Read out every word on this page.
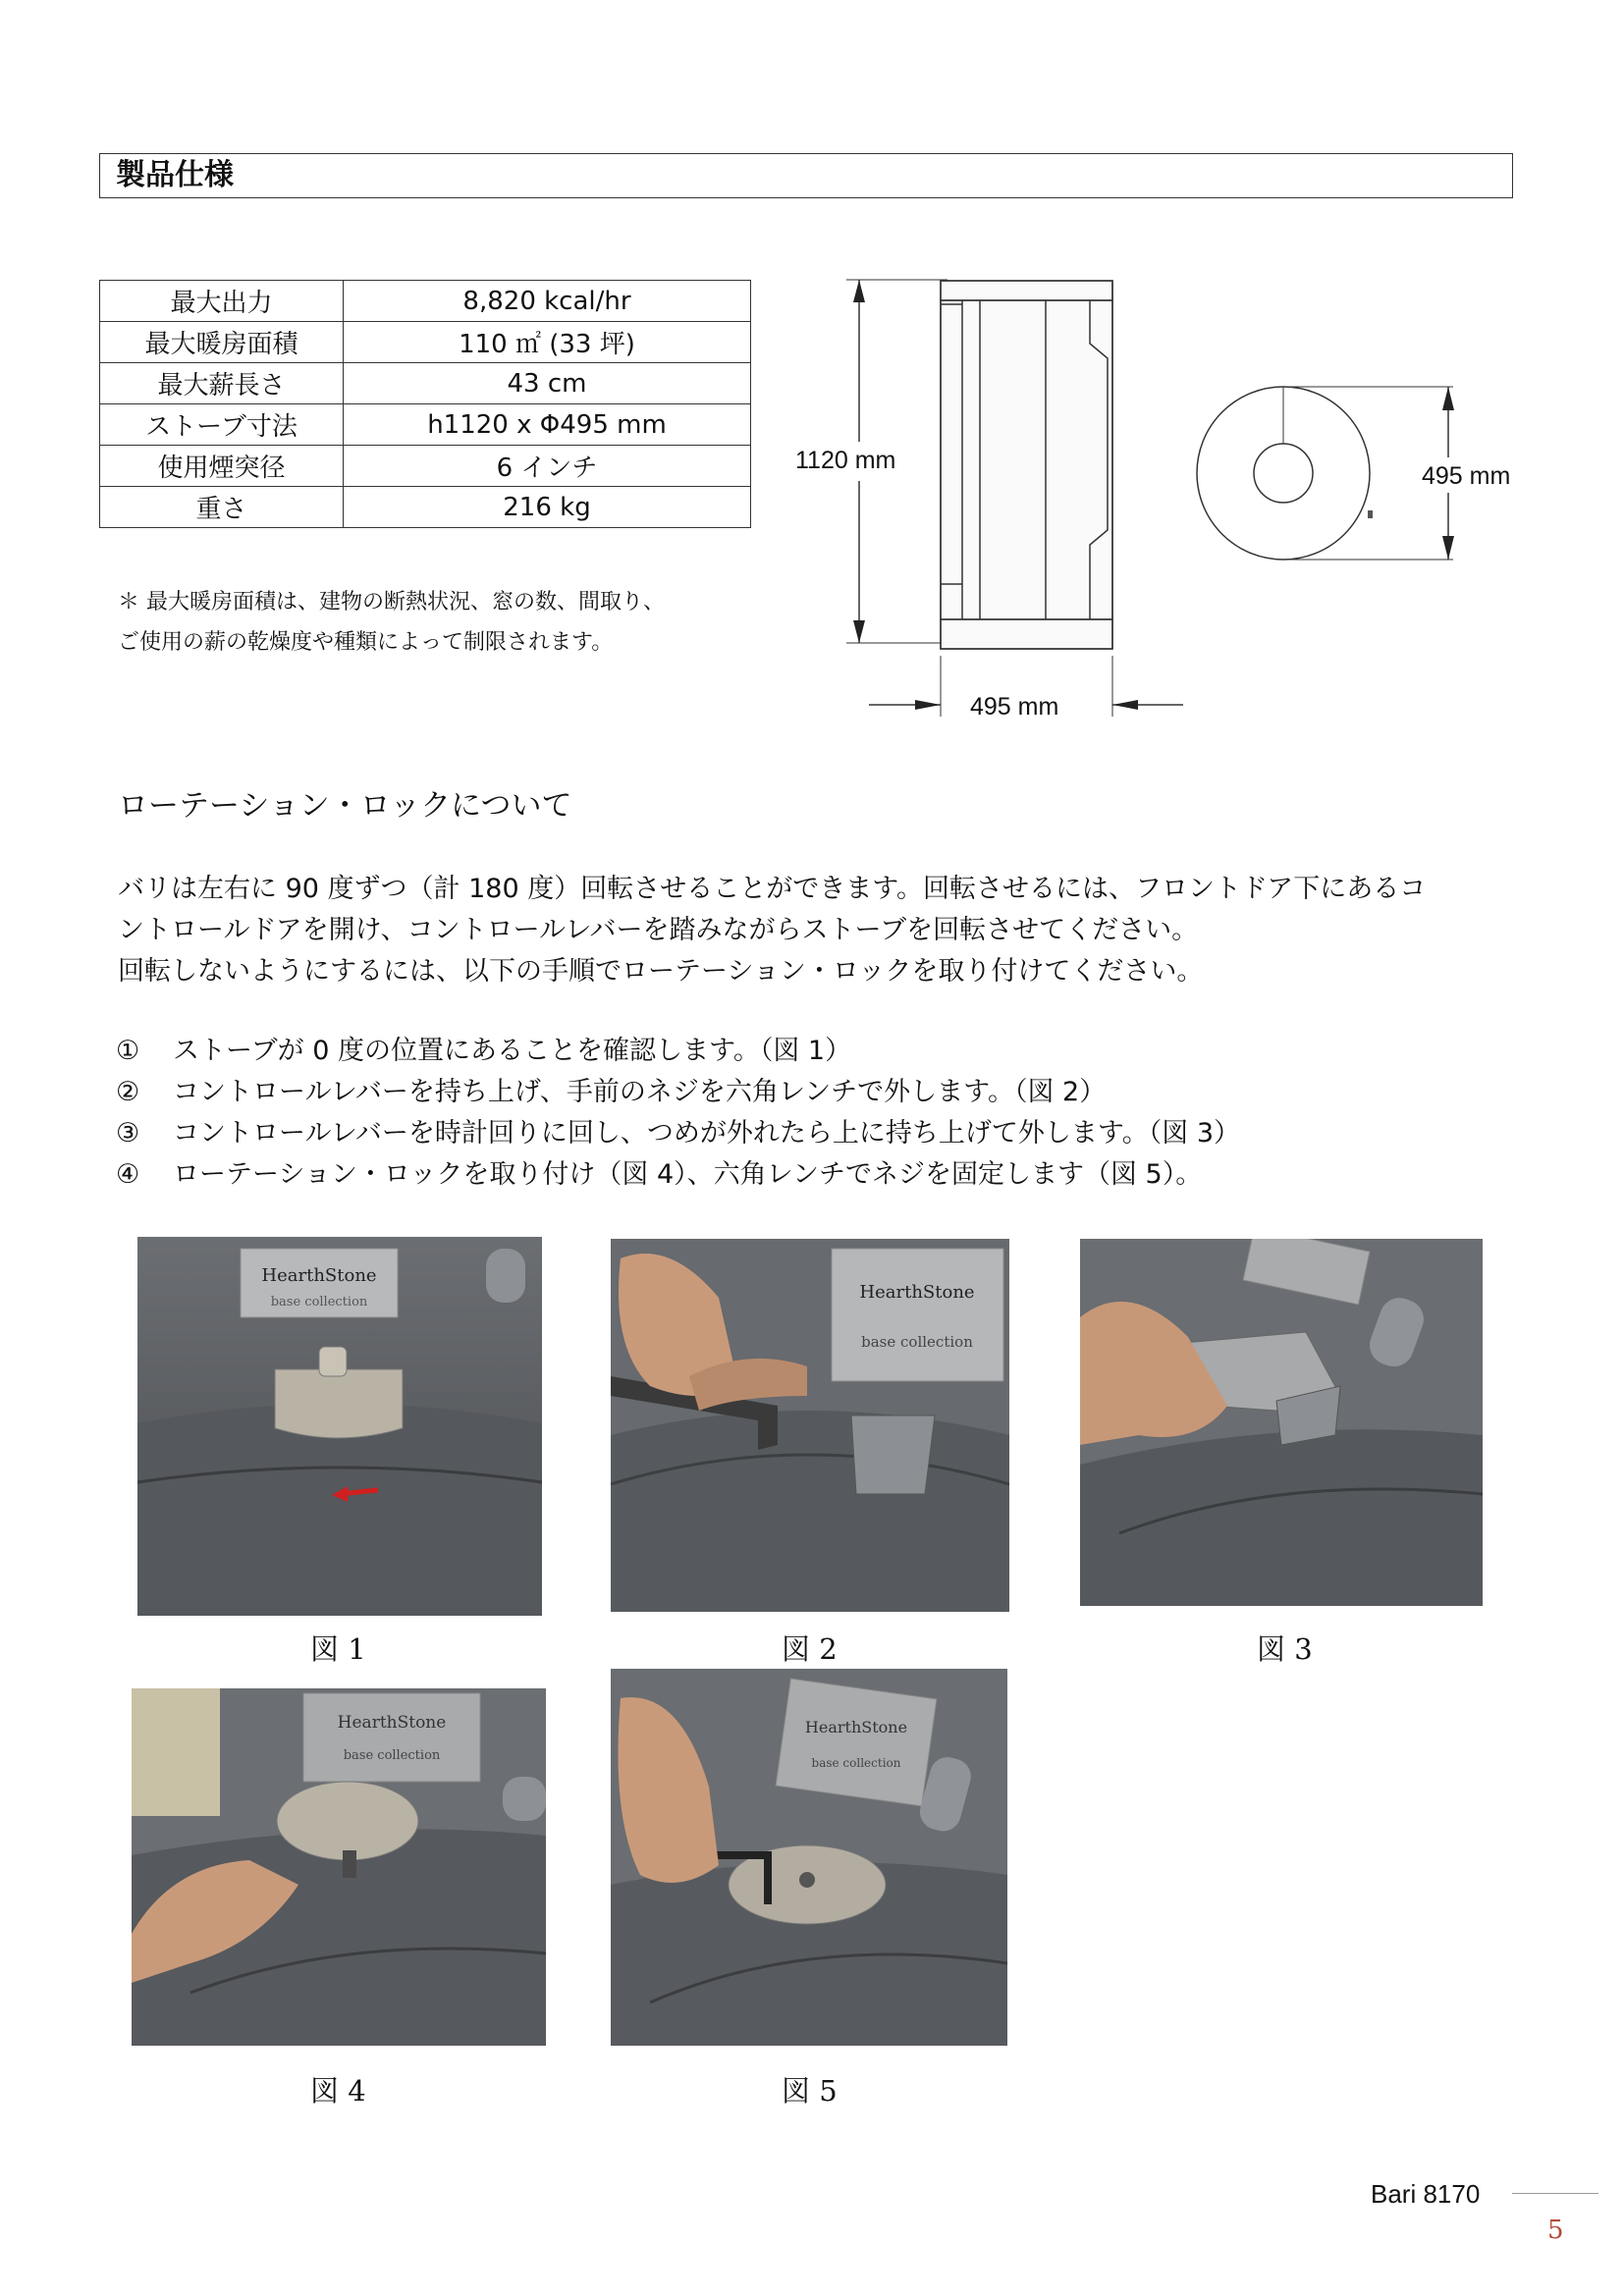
製品仕様
最大出力	8,820 kcal/hr
最大暖房面積	110 ㎡ (33 坪)
最大薪長さ	43 cm
ストーブ寸法	h1120 x Φ495 mm
使用煙突径	6 インチ
重さ	216 kg
＊ 最大暖房面積は、建物の断熱状況、窓の数、間取り、
ご使用の薪の乾燥度や種類によって制限されます。
1120 mm
495 mm
495 mm
ローテーション・ロックについて
バリは左右に 90 度ずつ（計 180 度）回転させることができます。回転させるには、フロントドア下にあるコ
ントロールドアを開け、コントロールレバーを踏みながらストーブを回転させてください。
回転しないようにするには、以下の手順でローテーション・ロックを取り付けてください。
① ストーブが 0 度の位置にあることを確認します。（図 1）
② コントロールレバーを持ち上げ、手前のネジを六角レンチで外します。（図 2）
③ コントロールレバーを時計回りに回し、つめが外れたら上に持ち上げて外します。（図 3）
④ ローテーション・ロックを取り付け（図 4）、六角レンチでネジを固定します（図 5）。
HearthStone
base collection
図 1
HearthStone
base collection
図 2	図 3
HearthStone
base collection
図 4
HearthStone
base collection
図 5
Bari 8170
5
